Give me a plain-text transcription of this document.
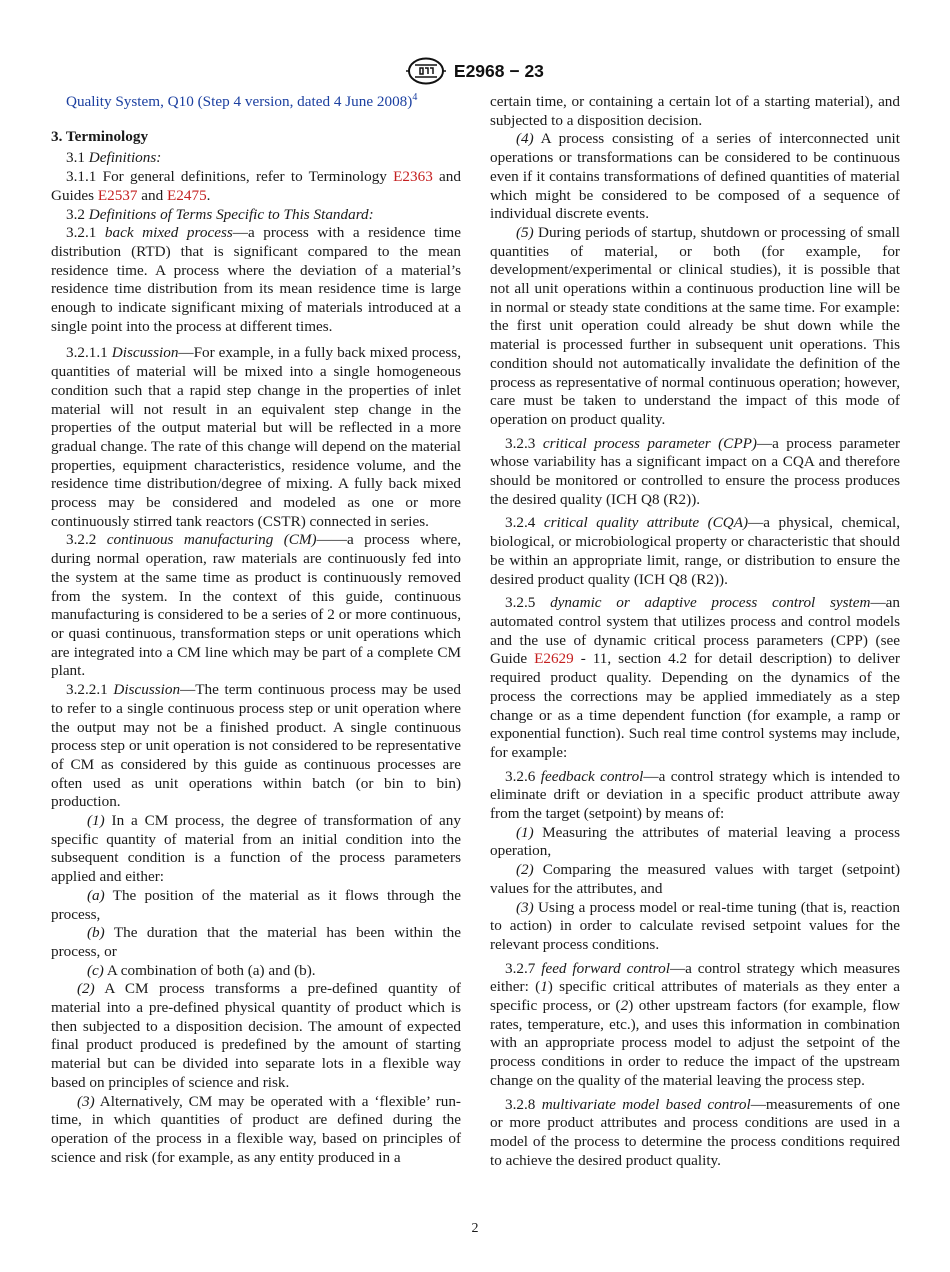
E2968 − 23

Quality System, Q10 (Step 4 version, dated 4 June 2008)$^4$

3. Terminology

3.1 Definitions:

3.1.1 For general definitions, refer to Terminology E2363 and Guides E2537 and E2475.

3.2 Definitions of Terms Specific to This Standard:

3.2.1 back mixed process—a process with a residence time distribution (RTD) that is significant compared to the mean residence time. A process where the deviation of a material’s residence time distribution from its mean residence time is large enough to indicate significant mixing of materials introduced at a single point into the process at different times.

3.2.1.1 Discussion—For example, in a fully back mixed process, quantities of material will be mixed into a single homogeneous condition such that a rapid step change in the properties of inlet material will not result in an equivalent step change in the properties of the output material but will be reflected in a more gradual change. The rate of this change will depend on the material properties, equipment characteristics, residence volume, and the residence time distribution/degree of mixing. A fully back mixed process may be considered and modeled as one or more continuously stirred tank reactors (CSTR) connected in series.

3.2.2 continuous manufacturing (CM)——a process where, during normal operation, raw materials are continuously fed into the system at the same time as product is continuously removed from the system. In the context of this guide, continuous manufacturing is considered to be a series of 2 or more continuous, or quasi continuous, transformation steps or unit operations which are integrated into a CM line which may be part of a complete CM plant.

3.2.2.1 Discussion—The term continuous process may be used to refer to a single continuous process step or unit operation where the output may not be a finished product. A single continuous process step or unit operation is not considered to be representative of CM as considered by this guide as continuous processes are often used as unit operations within batch (or bin to bin) production.

(1) In a CM process, the degree of transformation of any specific quantity of material from an initial condition into the subsequent condition is a function of the process parameters applied and either:

(a) The position of the material as it flows through the process,

(b) The duration that the material has been within the process, or

(c) A combination of both (a) and (b).

(2) A CM process transforms a pre-defined quantity of material into a pre-defined physical quantity of product which is then subjected to a disposition decision. The amount of expected final product produced is predefined by the amount of starting material but can be divided into separate lots in a flexible way based on principles of science and risk.

(3) Alternatively, CM may be operated with a ‘flexible’ run-time, in which quantities of product are defined during the operation of the process in a flexible way, based on principles of science and risk (for example, as any entity produced in a

certain time, or containing a certain lot of a starting material), and subjected to a disposition decision.

(4) A process consisting of a series of interconnected unit operations or transformations can be considered to be continuous even if it contains transformations of defined quantities of material which might be considered to be composed of a sequence of individual discrete events.

(5) During periods of startup, shutdown or processing of small quantities of material, or both (for example, for development/experimental or clinical studies), it is possible that not all unit operations within a continuous production line will be in normal or steady state conditions at the same time. For example: the first unit operation could already be shut down while the material is processed further in subsequent unit operations. This condition should not automatically invalidate the definition of the process as representative of normal continuous operation; however, care must be taken to understand the impact of this mode of operation on product quality.

3.2.3 critical process parameter (CPP)—a process parameter whose variability has a significant impact on a CQA and therefore should be monitored or controlled to ensure the process produces the desired quality (ICH Q8 (R2)).

3.2.4 critical quality attribute (CQA)—a physical, chemical, biological, or microbiological property or characteristic that should be within an appropriate limit, range, or distribution to ensure the desired product quality (ICH Q8 (R2)).

3.2.5 dynamic or adaptive process control system—an automated control system that utilizes process and control models and the use of dynamic critical process parameters (CPP) (see Guide E2629 - 11, section 4.2 for detail description) to deliver required product quality. Depending on the dynamics of the process the corrections may be applied immediately as a step change or as a time dependent function (for example, a ramp or exponential function). Such real time control systems may include, for example:

3.2.6 feedback control—a control strategy which is intended to eliminate drift or deviation in a specific product attribute away from the target (setpoint) by means of:

(1) Measuring the attributes of material leaving a process operation,

(2) Comparing the measured values with target (setpoint) values for the attributes, and

(3) Using a process model or real-time tuning (that is, reaction to action) in order to calculate revised setpoint values for the relevant process conditions.

3.2.7 feed forward control—a control strategy which measures either: (1) specific critical attributes of materials as they enter a specific process, or (2) other upstream factors (for example, flow rates, temperature, etc.), and uses this information in combination with an appropriate process model to adjust the setpoint of the process conditions in order to reduce the impact of the upstream change on the quality of the material leaving the process step.

3.2.8 multivariate model based control—measurements of one or more product attributes and process conditions are used in a model of the process to determine the process conditions required to achieve the desired product quality.

2
